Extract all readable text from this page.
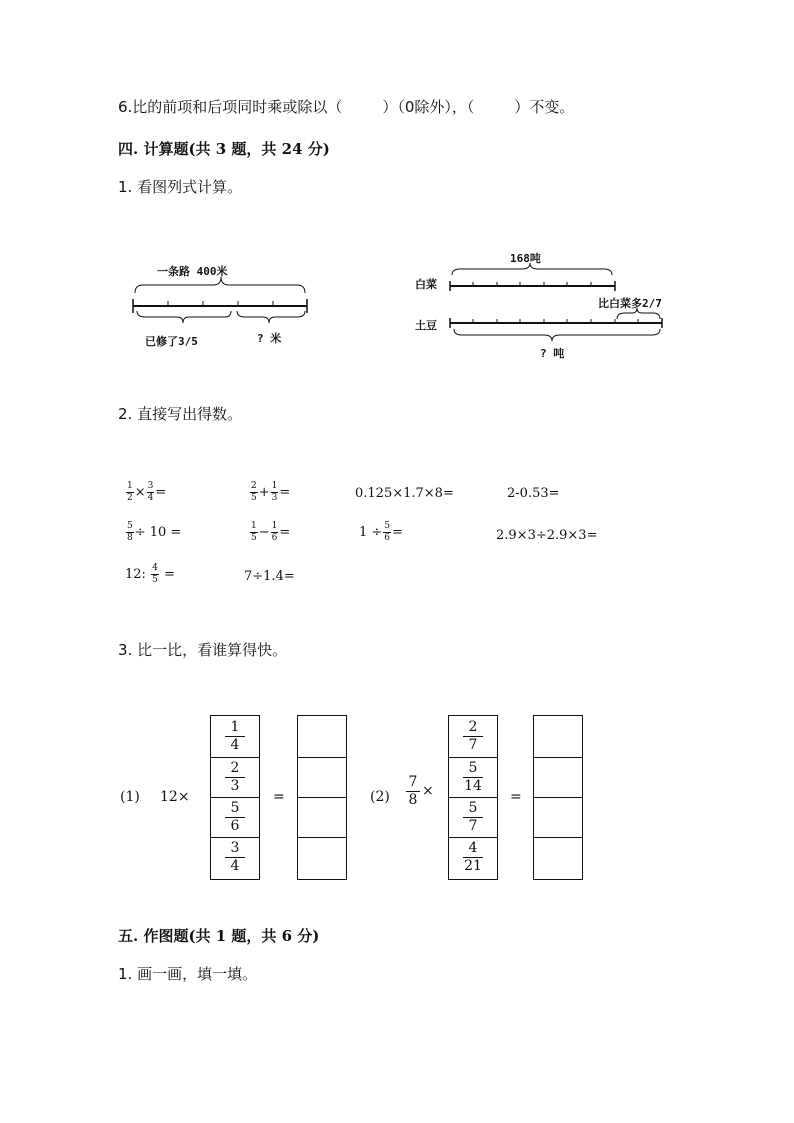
6.比的前项和后项同时乘或除以（	）（0除外），（	）不变。
四. 计算题(共 3 题，共 24 分)
1. 看图列式计算。
一条路 400米
已修了3/5	? 米
白菜
土豆
168吨
比白菜多2/7
? 吨
2. 直接写出得数。
$\frac{1}{2} \times \frac{3}{4}$ =	$\frac{2}{5} + \frac{1}{3}$ =	0.125×1.7×8=	2-0.53=
$\frac{5}{8} \div 10$ =	$\frac{1}{5} - \frac{1}{6}$ =	$1 \div \frac{5}{6}$ =	2.9×3÷2.9×3=
12: $\frac{4}{5}$ =	7÷1.4=
3. 比一比，看谁算得快。
(1) 12×
$\frac{1}{4}$
$\frac{2}{3}$
$\frac{5}{6}$
$\frac{3}{4}$
=	$(2) \frac{7}{8}$ ×
$\frac{2}{7}$
$\frac{5}{14}$
$\frac{5}{7}$
$\frac{4}{21}$
=
五. 作图题(共 1 题，共 6 分)
1. 画一画，填一填。
